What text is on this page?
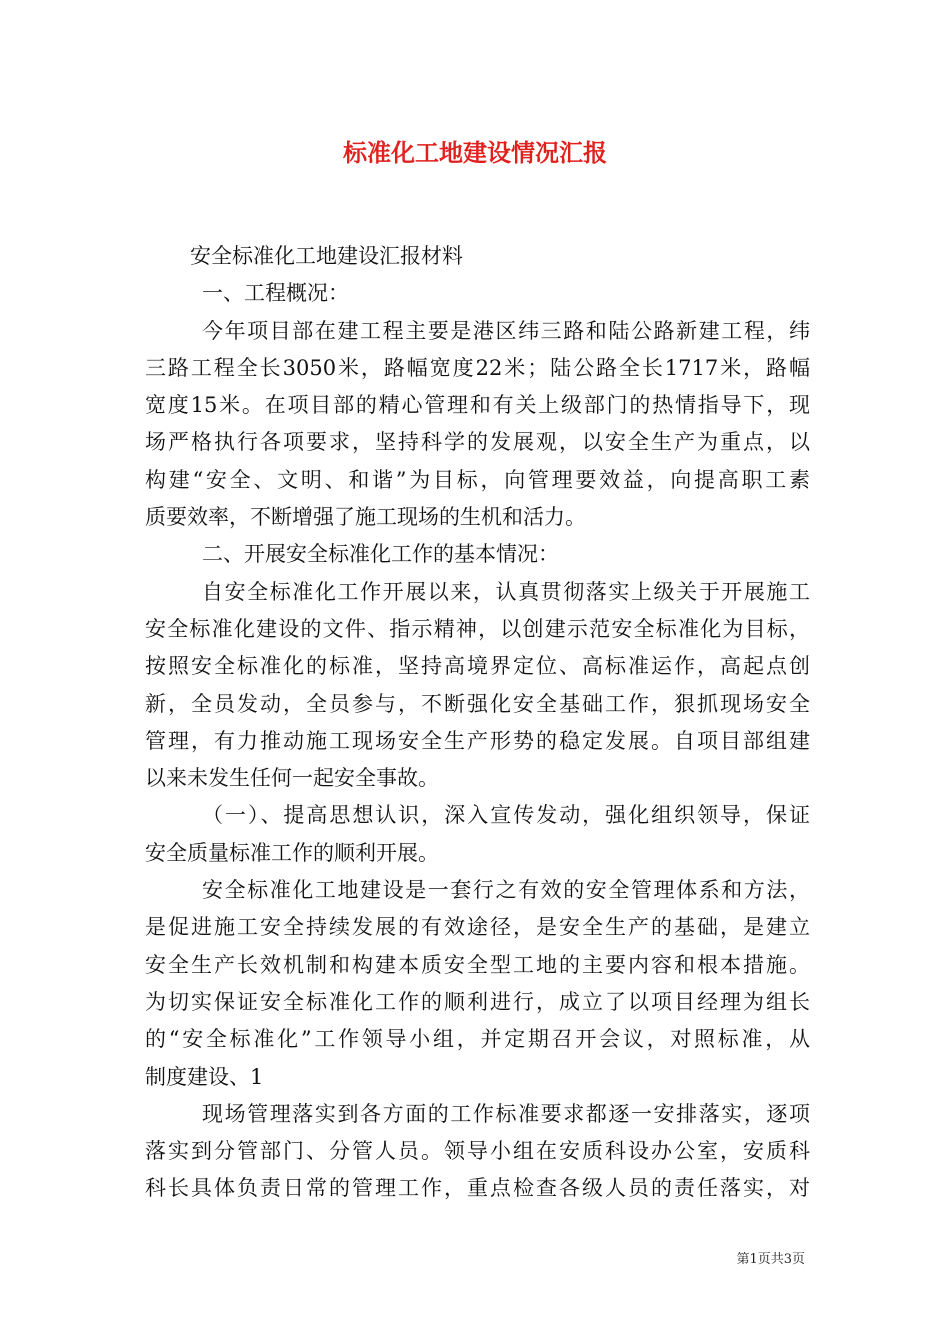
标准化工地建设情况汇报
安全标准化工地建设汇报材料
一、工程概况：
今年项目部在建工程主要是港区纬三路和陆公路新建工程，纬
三路工程全长3050米，路幅宽度22米；陆公路全长1717米，路幅
宽度15米。在项目部的精心管理和有关上级部门的热情指导下，现
场严格执行各项要求，坚持科学的发展观，以安全生产为重点，以
构建“安全、文明、和谐”为目标，向管理要效益，向提高职工素
质要效率，不断增强了施工现场的生机和活力。
二、开展安全标准化工作的基本情况：
自安全标准化工作开展以来，认真贯彻落实上级关于开展施工
安全标准化建设的文件、指示精神，以创建示范安全标准化为目标，
按照安全标准化的标准，坚持高境界定位、高标准运作，高起点创
新，全员发动，全员参与，不断强化安全基础工作，狠抓现场安全
管理，有力推动施工现场安全生产形势的稳定发展。自项目部组建
以来未发生任何一起安全事故。
（一）、提高思想认识，深入宣传发动，强化组织领导，保证
安全质量标准工作的顺利开展。
安全标准化工地建设是一套行之有效的安全管理体系和方法，
是促进施工安全持续发展的有效途径，是安全生产的基础，是建立
安全生产长效机制和构建本质安全型工地的主要内容和根本措施。
为切实保证安全标准化工作的顺利进行，成立了以项目经理为组长
的“安全标准化”工作领导小组，并定期召开会议，对照标准，从
制度建设、1
现场管理落实到各方面的工作标准要求都逐一安排落实，逐项
落实到分管部门、分管人员。领导小组在安质科设办公室，安质科
科长具体负责日常的管理工作，重点检查各级人员的责任落实，对
第1页共3页
